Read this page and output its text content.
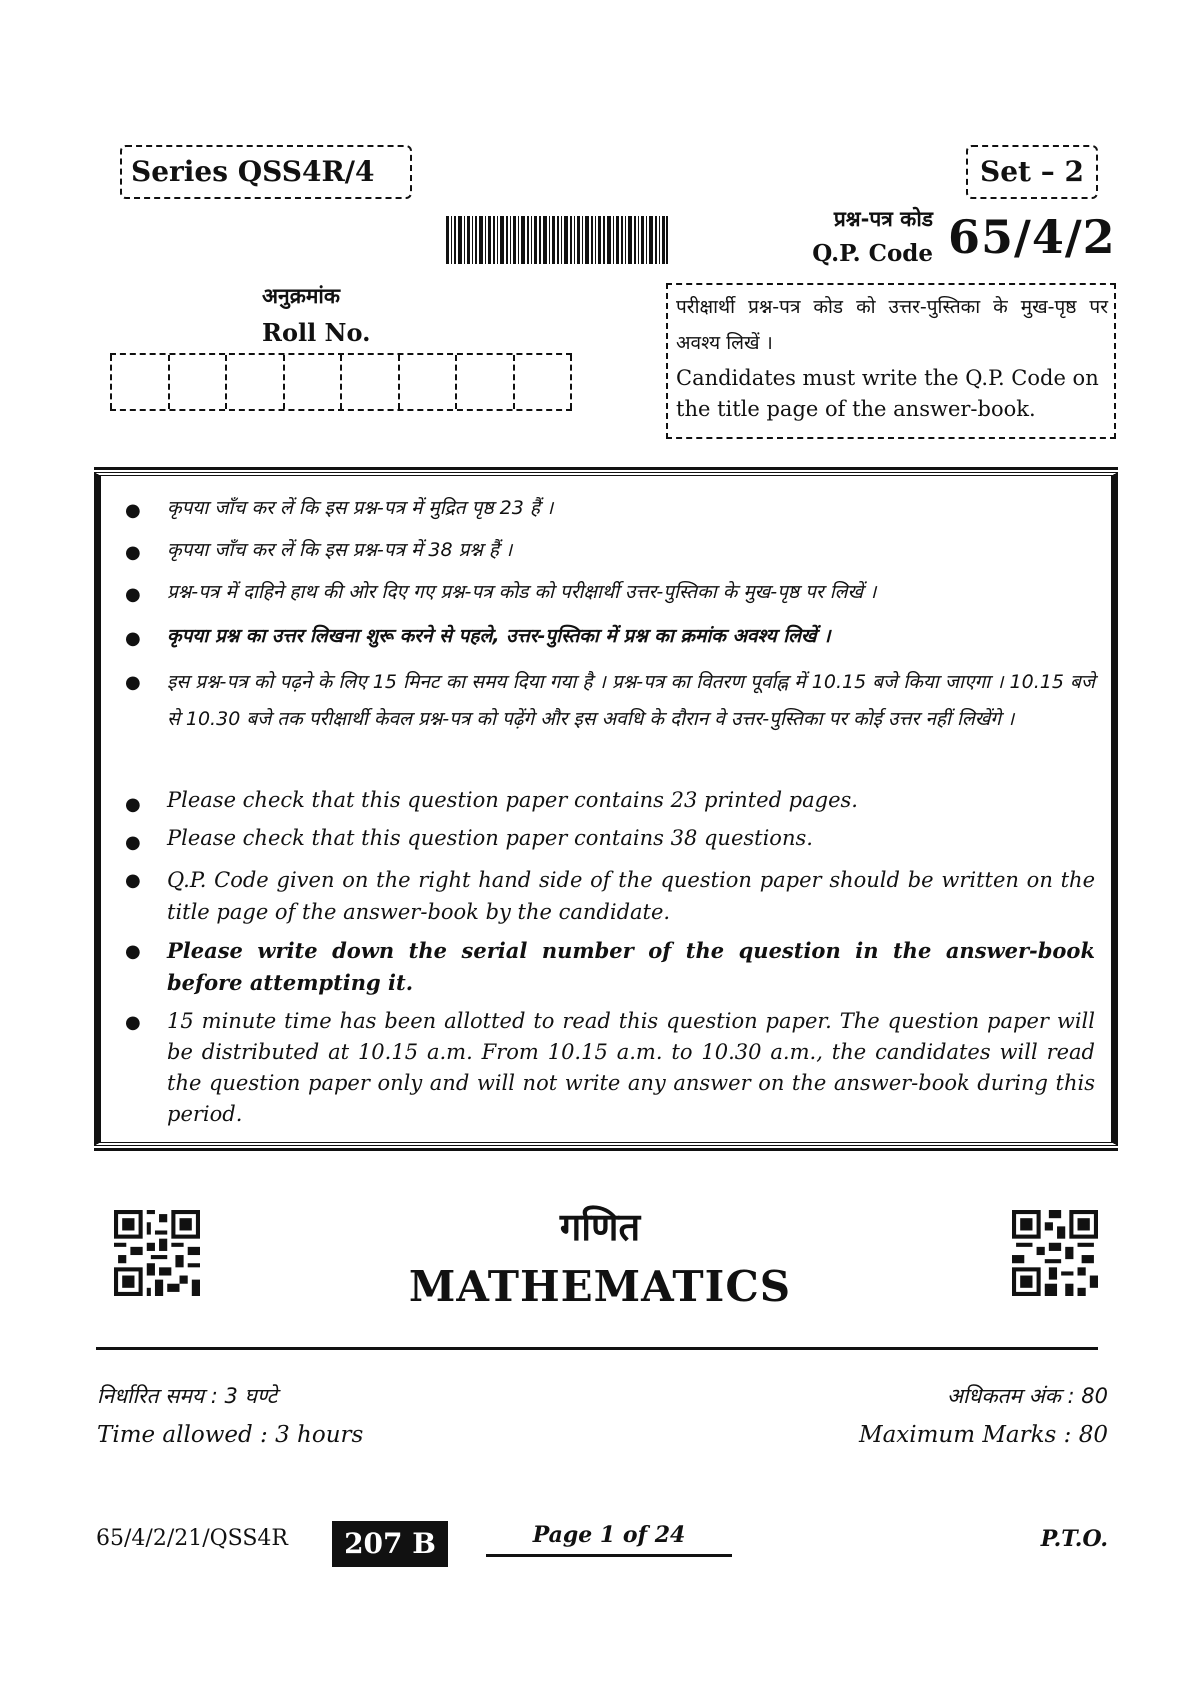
Series QSS4R/4	Set – 2
प्रश्न-पत्र कोड
Q.P. Code 65/4/2
अनुक्रमांक
Roll No.
परीक्षार्थी प्रश्न-पत्र कोड को उत्तर-पुस्तिका के मुख-पृष्ठ पर अवश्य लिखें ।
Candidates must write the Q.P. Code on the title page of the answer-book.
● कृपया जाँच कर लें कि इस प्रश्न-पत्र में मुद्रित पृष्ठ 23 हैं ।
● कृपया जाँच कर लें कि इस प्रश्न-पत्र में 38 प्रश्न हैं ।
● प्रश्न-पत्र में दाहिने हाथ की ओर दिए गए प्रश्न-पत्र कोड को परीक्षार्थी उत्तर-पुस्तिका के मुख-पृष्ठ पर लिखें ।
● कृपया प्रश्न का उत्तर लिखना शुरू करने से पहले, उत्तर-पुस्तिका में प्रश्न का क्रमांक अवश्य लिखें ।
● इस प्रश्न-पत्र को पढ़ने के लिए 15 मिनट का समय दिया गया है । प्रश्न-पत्र का वितरण पूर्वाह्न में 10.15 बजे किया जाएगा । 10.15 बजे से 10.30 बजे तक परीक्षार्थी केवल प्रश्न-पत्र को पढ़ेंगे और इस अवधि के दौरान वे उत्तर-पुस्तिका पर कोई उत्तर नहीं लिखेंगे ।
● Please check that this question paper contains 23 printed pages.
● Please check that this question paper contains 38 questions.
● Q.P. Code given on the right hand side of the question paper should be written on the title page of the answer-book by the candidate.
● Please write down the serial number of the question in the answer-book before attempting it.
● 15 minute time has been allotted to read this question paper. The question paper will be distributed at 10.15 a.m. From 10.15 a.m. to 10.30 a.m., the candidates will read the question paper only and will not write any answer on the answer-book during this period.
गणित
MATHEMATICS
निर्धारित समय : 3 घण्टे
Time allowed : 3 hours
अधिकतम अंक : 80
Maximum Marks : 80
65/4/2/21/QSS4R	207 B	Page 1 of 24	P.T.O.
